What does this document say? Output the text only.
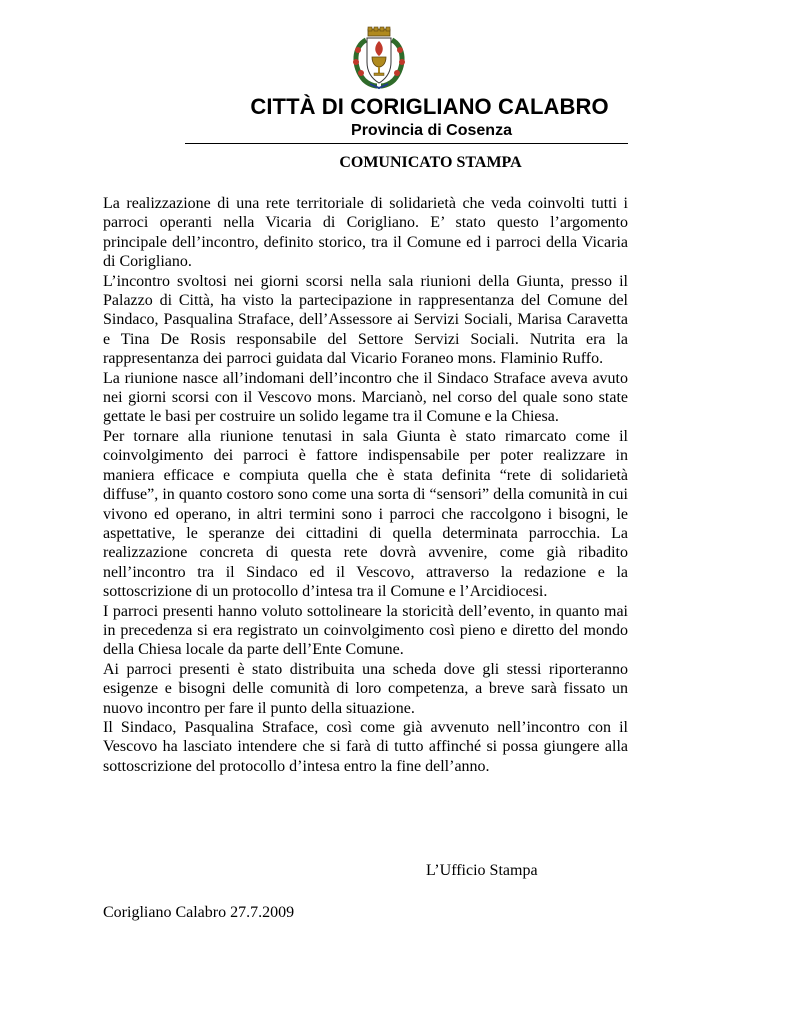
CITTÀ DI CORIGLIANO CALABRO
Provincia di Cosenza
COMUNICATO STAMPA

La realizzazione di una rete territoriale di solidarietà che veda coinvolti tutti i parroci operanti nella Vicaria di Corigliano. E’ stato questo l’argomento principale dell’incontro, definito storico, tra il Comune ed i parroci della Vicaria di Corigliano.

L’incontro svoltosi nei giorni scorsi nella sala riunioni della Giunta, presso il Palazzo di Città, ha visto la partecipazione in rappresentanza del Comune del Sindaco, Pasqualina Straface, dell’Assessore ai Servizi Sociali, Marisa Caravetta e Tina De Rosis responsabile del Settore Servizi Sociali. Nutrita era la rappresentanza dei parroci guidata dal Vicario Foraneo mons. Flaminio Ruffo.

La riunione nasce all’indomani dell’incontro che il Sindaco Straface aveva avuto nei giorni scorsi con il Vescovo mons. Marcianò, nel corso del quale sono state gettate le basi per costruire un solido legame tra il Comune e la Chiesa.

Per tornare alla riunione tenutasi in sala Giunta è stato rimarcato come il coinvolgimento dei parroci è fattore indispensabile per poter realizzare in maniera efficace e compiuta quella che è stata definita “rete di solidarietà diffuse”, in quanto costoro sono come una sorta di “sensori” della comunità in cui vivono ed operano, in altri termini sono i parroci che raccolgono i bisogni, le aspettative, le speranze dei cittadini di quella determinata parrocchia. La realizzazione concreta di questa rete dovrà avvenire, come già ribadito nell’incontro tra il Sindaco ed il Vescovo, attraverso la redazione e la sottoscrizione di un protocollo d’intesa tra il Comune e l’Arcidiocesi.

I parroci presenti hanno voluto sottolineare la storicità dell’evento, in quanto mai in precedenza si era registrato un coinvolgimento così pieno e diretto del mondo della Chiesa locale da parte dell’Ente Comune.

Ai parroci presenti è stato distribuita una scheda dove gli stessi riporteranno esigenze e bisogni delle comunità di loro competenza, a breve sarà fissato un nuovo incontro per fare il punto della situazione.

Il Sindaco, Pasqualina Straface, così come già avvenuto nell’incontro con il Vescovo ha lasciato intendere che si farà di tutto affinché si possa giungere alla sottoscrizione del protocollo d’intesa entro la fine dell’anno.

L’Ufficio Stampa
Corigliano Calabro 27.7.2009
